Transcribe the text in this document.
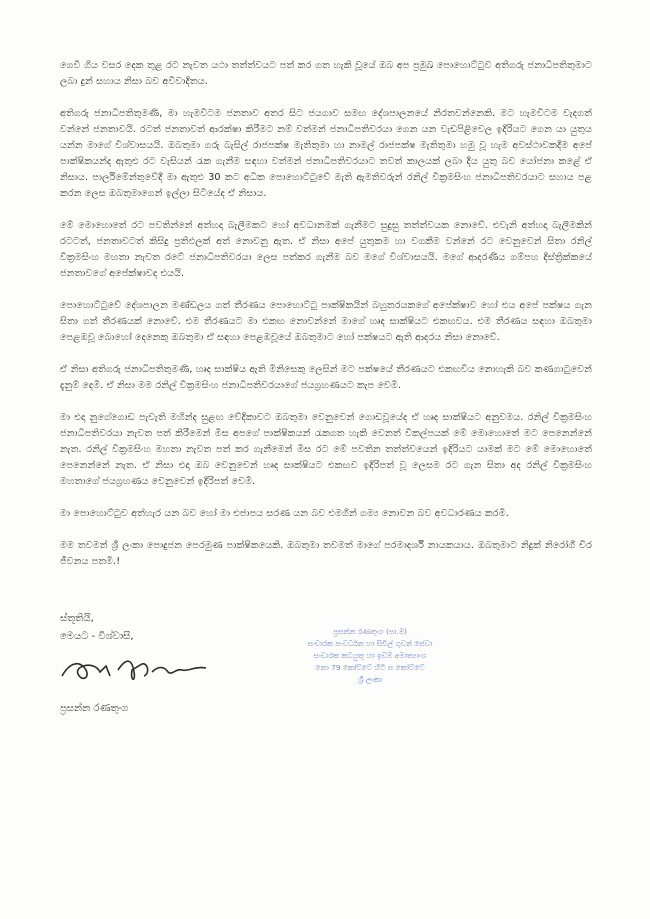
ගෙවී ගිය වසර දෙක තුළ රට නැවත යථා තත්ත්වයට පත් කර ගත හැකි වූයේ ඔබ අප ප්‍රමුඛ පොහොට්ටුව අතිගරු ජනාධිපතිතුමාට ලබා දුන් සහාය නිසා බව අවිවාදිතය.

අතිගරු ජනාධිපතිතුමණි, මා හැමවිටම ජනතාව අතර සිට ජයගාව සමඟ දේශපාලනයේ නිරතවන්නෙකි. මට හැමවිටම වැදගත් වන්නේ ජනතාවයි. රටත් ජනතාවත් ආරක්ෂා කිරීමට නම් වත්මන් ජනාධිපතිවරයා ගෙන යන වැඩපිළිවෙල ඉදිරියට ගෙන යා යුතුය යන්න මාගේ විශ්වාසයයි. ඔබතුමා ගරු බැසිල් රාජපක්ෂ මැතිතුමා හා නාමල් රාජපක්ෂ මැතිතුමා හමු වූ හැම අවස්ථාවකදීම අපේ පාක්ෂිකයන්ද ඇතුළු රට වැසියන් රැක ගැනීම සඳහා වත්මන් ජනාධිපතිවරයාට තවත් කාලයක් ලබා දිය යුතු බව යෝජනා කළේ ඒ නිසාය. පාර්ලිමේන්තුවේදී මා ඇතුළු 30 කට අධික පොහොට්ටුවේ මැති ඇමතිවරුන් රනිල් වික්‍රමසිංහ ජනාධිපතිවරයාට සහාය පළ කරන ලෙස ඔබතුමාගෙන් ඉල්ලා සිටියේද ඒ නිසාය.

මේ මොහොතේ රට පවතින්නේ අත්හදා බැලීමකට හෝ අවධානමක් ගැනීමට සුදුසු තත්ත්වයක නොවේ. එවැනි අත්හදා බැලීමකින් රටටත්, ජනතාවටත් කිසිදු ප්‍රතිඵලක් අත් නොවනු ඇත. ඒ නිසා අපේ යුතුකම හා වගකීම වන්නේ රට වෙනුවෙන් සිතා රනිල් වික්‍රමසිංහ මහතා නැවත රටේ ජනාධිපතිවරයා ලෙස පත්කර ගැනීම බව මගේ විශ්වාසයයි. මගේ ආදරණීය ගම්පහ දිස්ත්‍රික්කයේ ජනතාවගේ අපේක්ෂාවද එයයි.

පොහොට්ටුවේ දේශපාලන මණ්ඩලය ගත් තීරණය පොහොට්ටු පාක්ෂිකයින් බහුතරයකගේ අපේක්ෂාව හෝ එය අපේ පක්ෂය ගැන සිතා ගත් තීරණයක් නොවේ. එම තීරණයට මා එකඟ නොවන්නේ මාගේ හෘද සාක්ෂියට එකඟවය. එම තීරණය සඳහා ඔබතුමා පෙළඹවූ බොහෝ දෙනෙකු ඔබතුමා ඒ සඳහා පෙළඹවූයේ ඔබතුමාට හෝ පක්ෂයට ඇති ආදරය නිසා නොවේ.

ඒ නිසා අතිගරු ජනාධිපතිතුමණි, හෘද සාක්ෂිය ඇති මිනිසෙකු ලෙසින් මට පක්ෂයේ තීරණයට එකඟවිය නොහැකි බව කණගාටුවෙන් දැනුම් දෙමි. ඒ නිසා මම රනිල් වික්‍රමසිංහ ජනාධිපතිවරයාගේ ජයග්‍රහණයට කැප වෙමි.

මා එදා නුගේගොඩ පැවැති මහින්ද සුළඟ වේදිකාවට ඔබතුමා වෙනුවෙන් ගොඩවූයේද ඒ හෘද සාක්ෂියට අනුවමය. රනිල් වික්‍රමසිංහ ජනාධිපතිවරයා නැවත පත් කිරීමෙන් මිස අපගේ පාක්ෂිකයන් රැකගත හැකි වෙනත් විකල්පයක් මේ මොහොතේ මට පෙනෙන්නේ නැත. රනිල් වික්‍රමසිංහ මහතා නැවත පත් කර ගැනීමෙන් මිස රට මේ පවතින තත්ත්වයෙන් ඉදිරියට යාමක් මට මේ මොහොතේ පෙනෙන්නේ නැත. ඒ නිසා එදා ඔබ වෙනුවෙන් හෘද සාක්ෂියට එකඟව ඉදිරිපත් වූ ලෙසම රට ගැන සිතා අද රනිල් වික්‍රමසිංහ මහතාගේ ජයග්‍රහණය වෙනුවෙන් ඉදිරිපත් වෙමි.

මා පොහොට්ටුව අත්හැර යන බව හෝ මා එජාපය සරණ යන බව එමගින් ගම්‍ය නොවන බව අවධාරණය කරමි.

මම තවමත් ශ්‍රී ලංකා පොදුජන පෙරමුණ පාක්ෂිකයෙකි. ඔබතුමා තවමත් මාගේ පරමාදර්ශී නායකයාය. ඔබතුමාට නිදුක් නිරෝගී චිර ජීවනය පතමි.!

ස්තූතියි,
මෙයට - විශ්වාසී,
ප්‍රසන්න රණතුංග
ප්‍රසන්න රණතුංග (පා.ම)
සංචාරක සංවර්ධන හා සිවිල් ගුවන් සේවා
සංචාරක කටයුතු හා ඉඩම් අමාත්‍යාංශ
නො 79 කෝට්ටේ හිටි ස කෝට්ටේ
ශ්‍රී ලංකා
